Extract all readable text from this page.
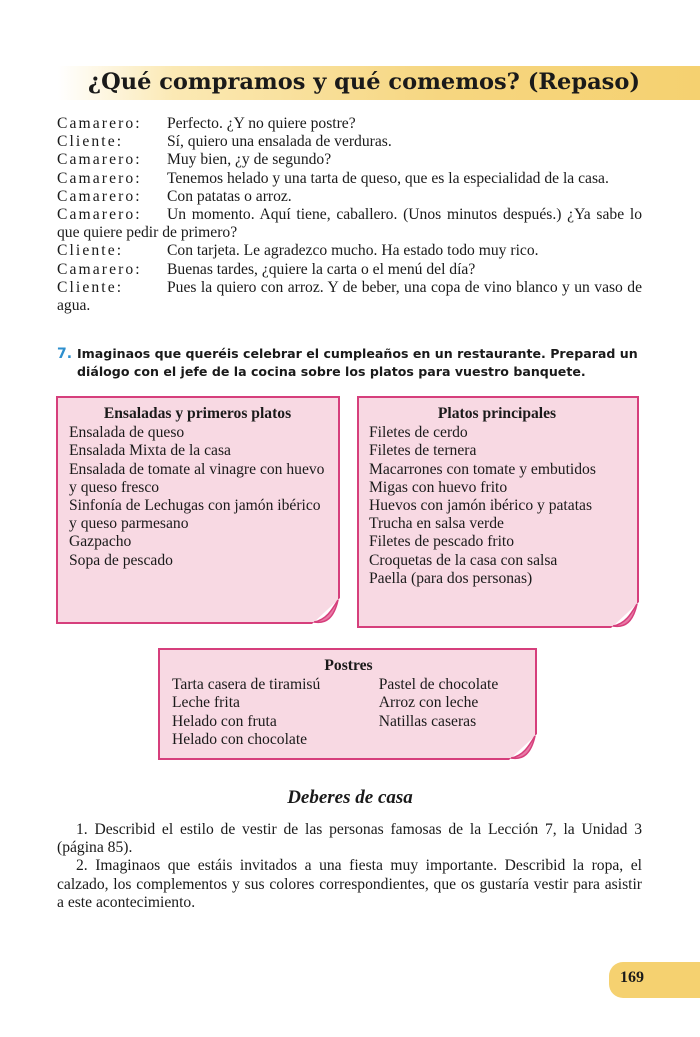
¿Qué compramos y qué comemos? (Repaso)
Camarero: Perfecto. ¿Y no quiere postre?
Cliente:	Sí, quiero una ensalada de verduras.
Camarero: Muy bien, ¿y de segundo?
Camarero: Tenemos helado y una tarta de queso, que es la especialidad de la casa.
Camarero: Con patatas o arroz.
Camarero: Un momento. Aquí tiene, caballero. (Unos minutos después.) ¿Ya sabe lo que quiere pedir de primero?
Cliente:	Con tarjeta. Le agradezco mucho. Ha estado todo muy rico.
Camarero: Buenas tardes, ¿quiere la carta o el menú del día?
Cliente:	Pues la quiero con arroz. Y de beber, una copa de vino blanco y un vaso de agua.
7. Imaginaos que queréis celebrar el cumpleaños en un restaurante. Preparad un diálogo con el jefe de la cocina sobre los platos para vuestro banquete.
Ensaladas y primeros platos
Ensalada de queso
Ensalada Mixta de la casa
Ensalada de tomate al vinagre con huevo
y queso fresco
Sinfonía de Lechugas con jamón ibérico
y queso parmesano
Gazpacho
Sopa de pescado
Platos principales
Filetes de cerdo
Filetes de ternera
Macarrones con tomate y embutidos
Migas con huevo frito
Huevos con jamón ibérico y patatas
Trucha en salsa verde
Filetes de pescado frito
Croquetas de la casa con salsa
Paella (para dos personas)
Postres
Tarta casera de tiramisú
Leche frita
Helado con fruta
Helado con chocolate
Pastel de chocolate
Arroz con leche
Natillas caseras
Deberes de casa

1. Describid el estilo de vestir de las personas famosas de la Lección 7, la Unidad 3 (página 85).

2. Imaginaos que estáis invitados a una fiesta muy importante. Describid la ropa, el calzado, los complementos y sus colores correspondientes, que os gustaría vestir para asistir a este acontecimiento.

169
